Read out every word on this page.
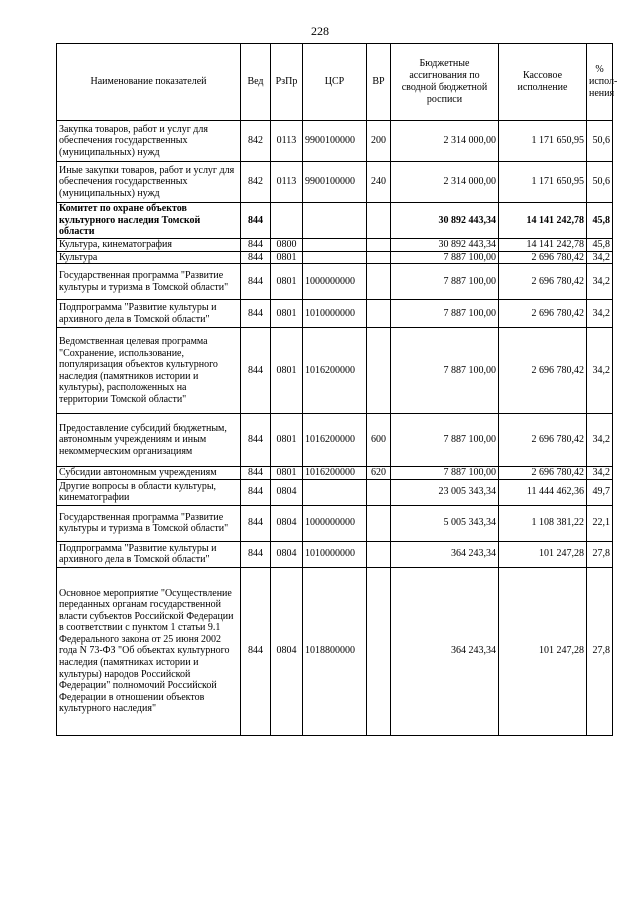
228
Наименование показателей	Вед	РзПр	ЦСР	ВР	Бюджетные ассигнования по сводной бюджетной росписи	Кассовое исполнение	% испол-нения
Закупка товаров, работ и услуг для обеспечения государственных (муниципальных) нужд	842	0113	9900100000	200	2 314 000,00	1 171 650,95	50,6
Иные закупки товаров, работ и услуг для обеспечения государственных (муниципальных) нужд	842	0113	9900100000	240	2 314 000,00	1 171 650,95	50,6
Комитет по охране объектов культурного наследия Томской области	844				30 892 443,34	14 141 242,78	45,8
Культура, кинематография	844	0800			30 892 443,34	14 141 242,78	45,8
Культура	844	0801			7 887 100,00	2 696 780,42	34,2
Государственная программа "Развитие культуры и туризма в Томской области"	844	0801	1000000000		7 887 100,00	2 696 780,42	34,2
Подпрограмма "Развитие культуры и архивного дела в Томской области"	844	0801	1010000000		7 887 100,00	2 696 780,42	34,2
Ведомственная целевая программа "Сохранение, использование, популяризация объектов культурного наследия (памятников истории и культуры), расположенных на территории Томской области"	844	0801	1016200000		7 887 100,00	2 696 780,42	34,2
Предоставление субсидий бюджетным, автономным учреждениям и иным некоммерческим организациям	844	0801	1016200000	600	7 887 100,00	2 696 780,42	34,2
Субсидии автономным учреждениям	844	0801	1016200000	620	7 887 100,00	2 696 780,42	34,2
Другие вопросы в области культуры, кинематографии	844	0804			23 005 343,34	11 444 462,36	49,7
Государственная программа "Развитие культуры и туризма в Томской области"	844	0804	1000000000		5 005 343,34	1 108 381,22	22,1
Подпрограмма "Развитие культуры и архивного дела в Томской области"	844	0804	1010000000		364 243,34	101 247,28	27,8
Основное мероприятие "Осуществление переданных органам государственной власти субъектов Российской Федерации в соответствии с пунктом 1 статьи 9.1 Федерального закона от 25 июня 2002 года N 73-ФЗ "Об объектах культурного наследия (памятниках истории и культуры) народов Российской Федерации" полномочий Российской Федерации в отношении объектов культурного наследия"	844	0804	1018800000		364 243,34	101 247,28	27,8
